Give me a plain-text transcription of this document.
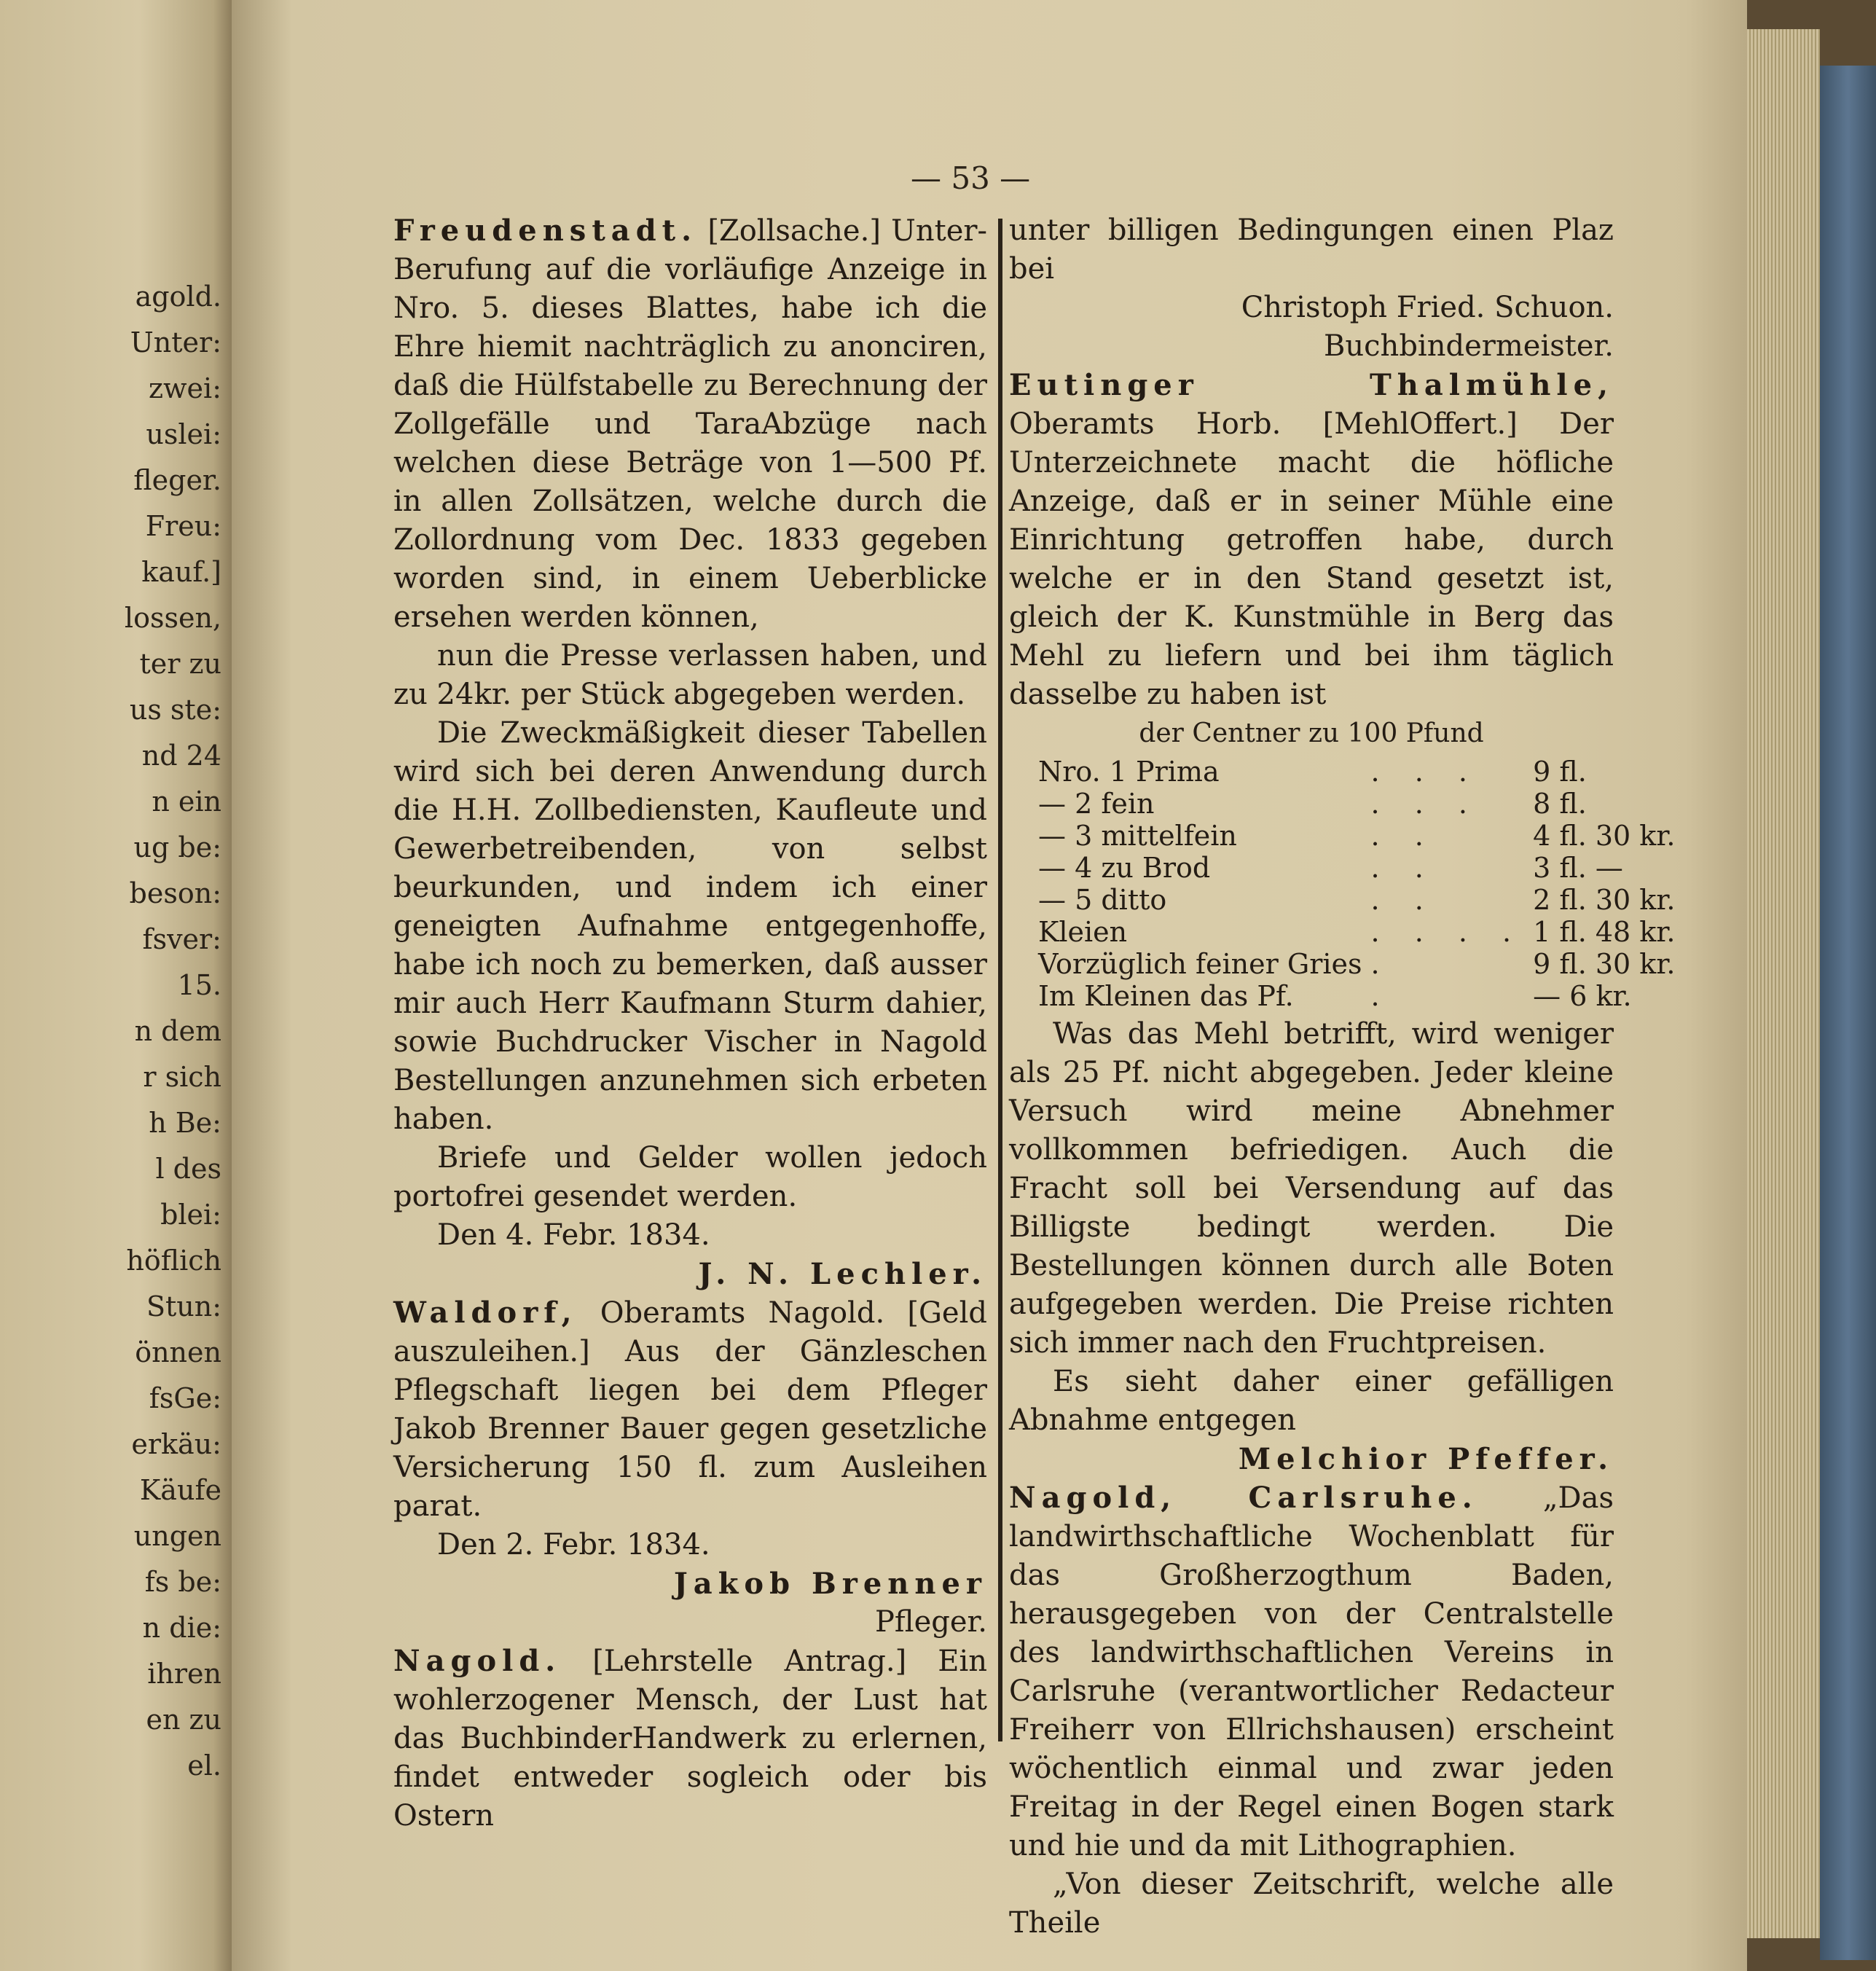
agold.
Unter:
zwei:
uslei:
fleger.
Freu:
kauf.]
lossen,
ter zu
us ste:
nd 24
n ein
ug be:
beson:
fsver:
15.
n dem
r sich
h Be:
l des
blei:
höflich
Stun:
önnen
fsGe:
erkäu:
Käufe
ungen
fs be:
n die:
ihren
en zu
el.
— 53 —

Freudenstadt. [Zollsache.] Unter-Berufung auf die vorläufige Anzeige in Nro. 5. dieses Blattes, habe ich die Ehre hiemit nachträglich zu anonciren, daß die Hülfstabelle zu Berechnung der Zollgefälle und TaraAbzüge nach welchen diese Beträge von 1—500 Pf. in allen Zollsätzen, welche durch die Zollordnung vom Dec. 1833 gegeben worden sind, in einem Ueberblicke ersehen werden können,

nun die Presse verlassen haben, und zu 24kr. per Stück abgegeben werden.

Die Zweckmäßigkeit dieser Tabellen wird sich bei deren Anwendung durch die H.H. Zollbediensten, Kaufleute und Gewerbetreibenden, von selbst beurkunden, und indem ich einer geneigten Aufnahme entgegenhoffe, habe ich noch zu bemerken, daß ausser mir auch Herr Kaufmann Sturm dahier, sowie Buchdrucker Vischer in Nagold Bestellungen anzunehmen sich erbeten haben.

Briefe und Gelder wollen jedoch portofrei gesendet werden.

Den 4. Febr. 1834.

J. N. Lechler.

Waldorf, Oberamts Nagold. [Geld auszuleihen.] Aus der Gänzleschen Pflegschaft liegen bei dem Pfleger Jakob Brenner Bauer gegen gesetzliche Versicherung 150 fl. zum Ausleihen parat.

Den 2. Febr. 1834.

Jakob Brenner

Pfleger.

Nagold. [Lehrstelle Antrag.] Ein wohlerzogener Mensch, der Lust hat das BuchbinderHandwerk zu erlernen, findet entweder sogleich oder bis Ostern

unter billigen Bedingungen einen Plaz bei

Christoph Fried. Schuon.

Buchbindermeister.

Eutinger Thalmühle, Oberamts Horb. [MehlOffert.] Der Unterzeichnete macht die höfliche Anzeige, daß er in seiner Mühle eine Einrichtung getroffen habe, durch welche er in den Stand gesetzt ist, gleich der K. Kunstmühle in Berg das Mehl zu liefern und bei ihm täglich dasselbe zu haben ist

der Centner zu 100 Pfund

Nro. 1 Prima	. . .	9 fl.
— 2 fein	. . .	8 fl.
— 3 mittelfein	. .	4 fl. 30 kr.
— 4 zu Brod	. .	3 fl. —
— 5 ditto	. .	2 fl. 30 kr.
Kleien	. . . .	1 fl. 48 kr.
Vorzüglich feiner Gries	.	9 fl. 30 kr.
Im Kleinen das Pf.	.	— 6 kr.

Was das Mehl betrifft, wird weniger als 25 Pf. nicht abgegeben. Jeder kleine Versuch wird meine Abnehmer vollkommen befriedigen. Auch die Fracht soll bei Versendung auf das Billigste bedingt werden. Die Bestellungen können durch alle Boten aufgegeben werden. Die Preise richten sich immer nach den Fruchtpreisen.

Es sieht daher einer gefälligen Abnahme entgegen

Melchior Pfeffer.

Nagold, Carlsruhe. „Das landwirthschaftliche Wochenblatt für das Großherzogthum Baden, herausgegeben von der Centralstelle des landwirthschaftlichen Vereins in Carlsruhe (verantwortlicher Redacteur Freiherr von Ellrichshausen) erscheint wöchentlich einmal und zwar jeden Freitag in der Regel einen Bogen stark und hie und da mit Lithographien.

„Von dieser Zeitschrift, welche alle Theile
